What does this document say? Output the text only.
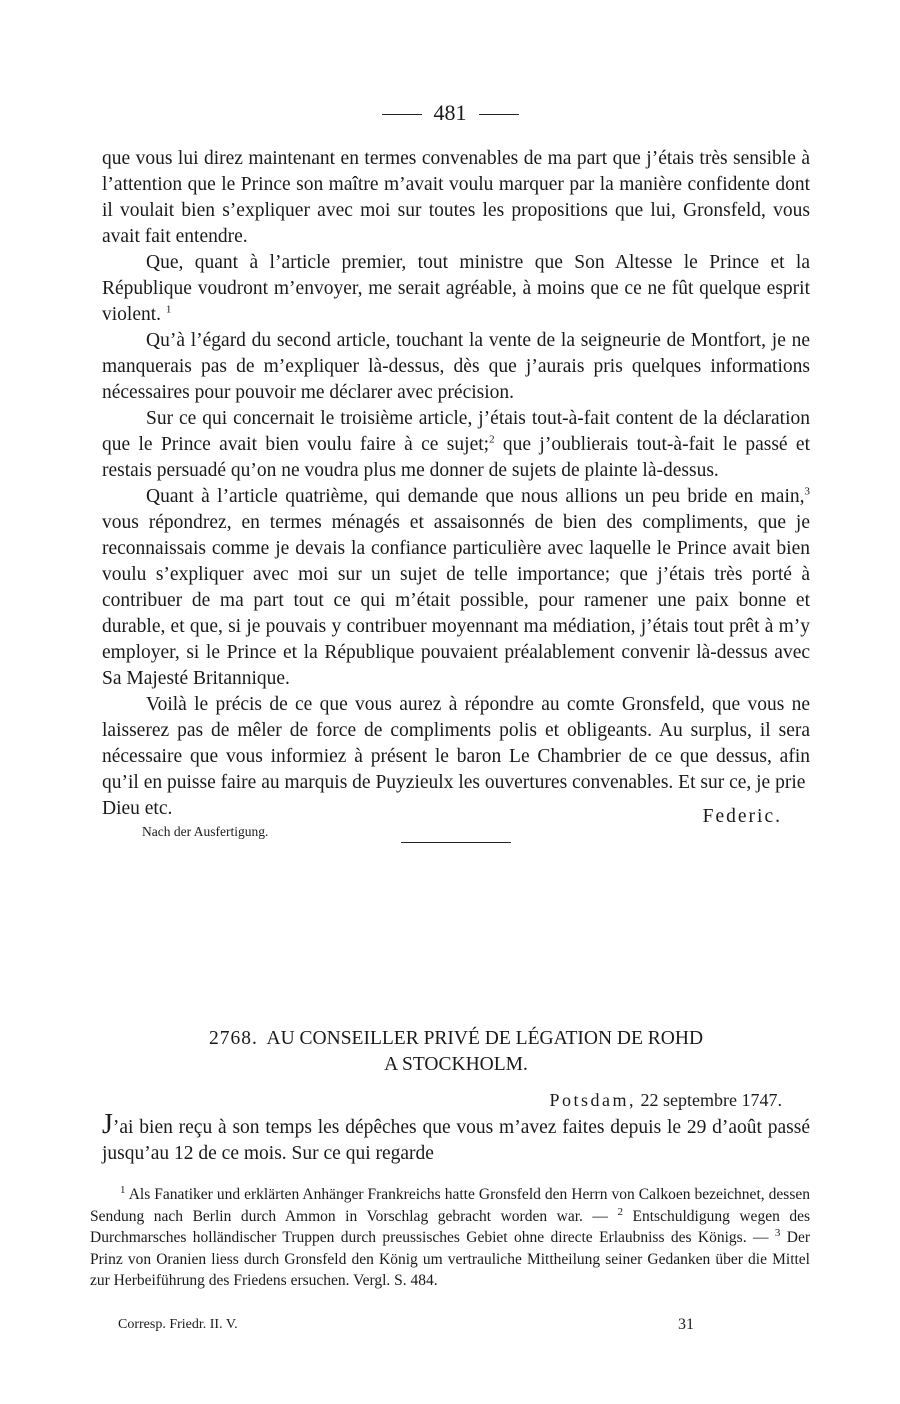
481

que vous lui direz maintenant en termes convenables de ma part que j’étais très sensible à l’attention que le Prince son maître m’avait voulu marquer par la manière confidente dont il voulait bien s’expliquer avec moi sur toutes les propositions que lui, Gronsfeld, vous avait fait entendre.

Que, quant à l’article premier, tout ministre que Son Altesse le Prince et la République voudront m’envoyer, me serait agréable, à moins que ce ne fût quelque esprit violent. $^1$

Qu’à l’égard du second article, touchant la vente de la seigneurie de Montfort, je ne manquerais pas de m’expliquer là-dessus, dès que j’aurais pris quelques informations nécessaires pour pouvoir me déclarer avec précision.

Sur ce qui concernait le troisième article, j’étais tout-à-fait content de la déclaration que le Prince avait bien voulu faire à ce sujet;$^2$ que j’oublierais tout-à-fait le passé et restais persuadé qu’on ne voudra plus me donner de sujets de plainte là-dessus.

Quant à l’article quatrième, qui demande que nous allions un peu bride en main,$^3$ vous répondrez, en termes ménagés et assaisonnés de bien des compliments, que je reconnaissais comme je devais la confiance particulière avec laquelle le Prince avait bien voulu s’expliquer avec moi sur un sujet de telle importance; que j’étais très porté à contribuer de ma part tout ce qui m’était possible, pour ramener une paix bonne et durable, et que, si je pouvais y contribuer moyennant ma médiation, j’étais tout prêt à m’y employer, si le Prince et la République pouvaient préalablement convenir là-dessus avec Sa Majesté Britannique.

Voilà le précis de ce que vous aurez à répondre au comte Gronsfeld, que vous ne laisserez pas de mêler de force de compliments polis et obligeants. Au surplus, il sera nécessaire que vous informiez à présent le baron Le Chambrier de ce que dessus, afin qu’il en puisse faire au marquis de Puyzieulx les ouvertures convenables. Et sur ce, je prie

Dieu etc.	Federic.
Nach der Ausfertigung.
2768. AU CONSEILLER PRIVÉ DE LÉGATION DE ROHD
A STOCKHOLM.
Potsdam, 22 septembre 1747.

J’ai bien reçu à son temps les dépêches que vous m’avez faites depuis le 29 d’août passé jusqu’au 12 de ce mois. Sur ce qui regarde

$^1$ Als Fanatiker und erklärten Anhänger Frankreichs hatte Gronsfeld den Herrn von Calkoen bezeichnet, dessen Sendung nach Berlin durch Ammon in Vorschlag gebracht worden war. — $^2$ Entschuldigung wegen des Durchmarsches holländischer Truppen durch preussisches Gebiet ohne directe Erlaubniss des Königs. — $^3$ Der Prinz von Oranien liess durch Gronsfeld den König um vertrauliche Mittheilung seiner Gedanken über die Mittel zur Herbeiführung des Friedens ersuchen. Vergl. S. 484.

Corresp. Friedr. II. V.	31
